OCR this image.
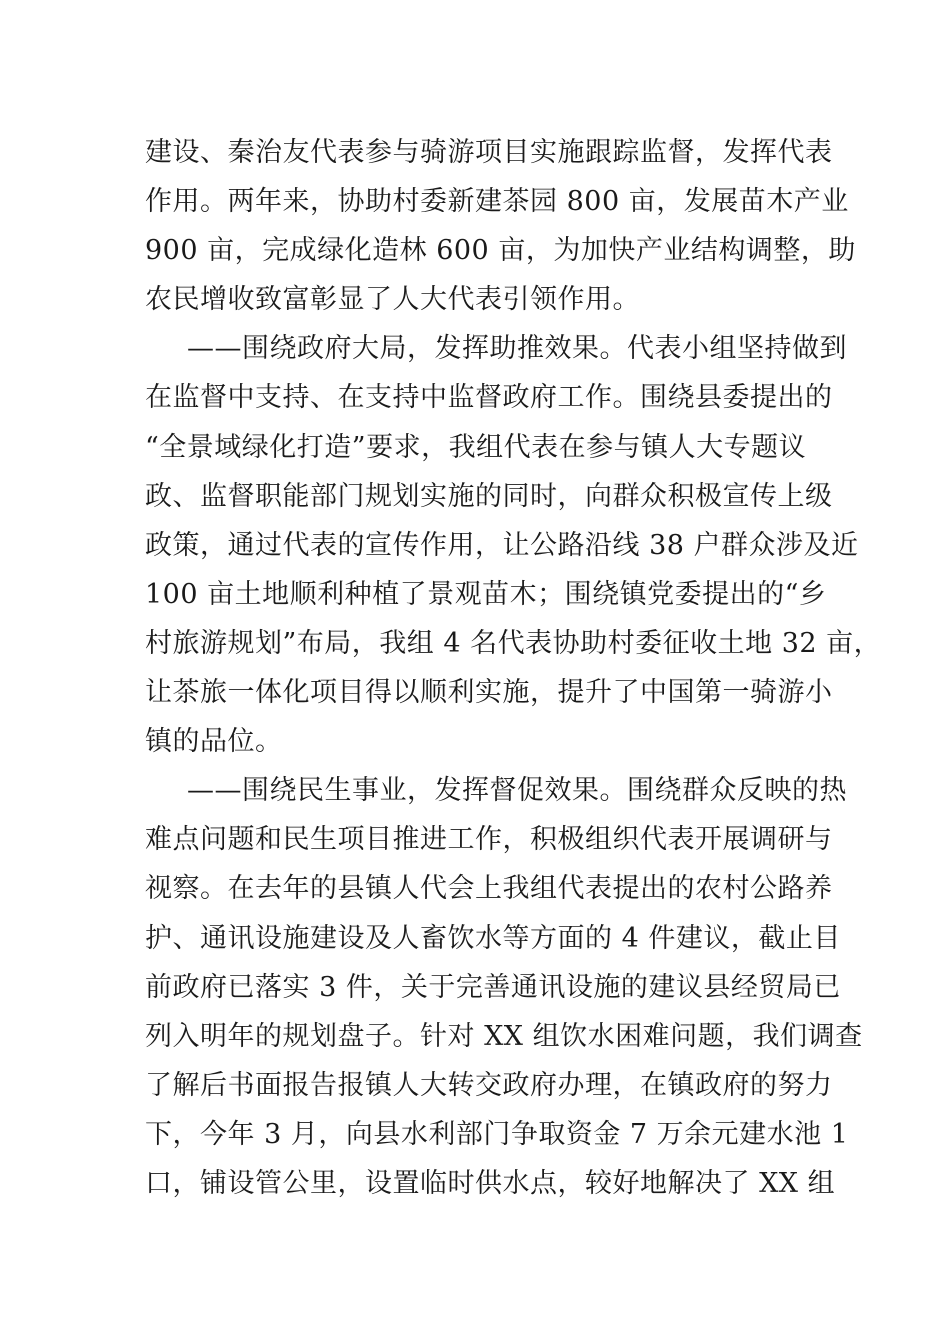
建设、秦治友代表参与骑游项目实施跟踪监督，发挥代表
作用。两年来，协助村委新建茶园 800 亩，发展苗木产业
900 亩，完成绿化造林 600 亩，为加快产业结构调整，助
农民增收致富彰显了人大代表引领作用。
——围绕政府大局，发挥助推效果。代表小组坚持做到
在监督中支持、在支持中监督政府工作。围绕县委提出的
“全景域绿化打造”要求，我组代表在参与镇人大专题议
政、监督职能部门规划实施的同时，向群众积极宣传上级
政策，通过代表的宣传作用，让公路沿线 38 户群众涉及近
100 亩土地顺利种植了景观苗木；围绕镇党委提出的“乡
村旅游规划”布局，我组 4 名代表协助村委征收土地 32 亩，
让茶旅一体化项目得以顺利实施，提升了中国第一骑游小
镇的品位。
——围绕民生事业，发挥督促效果。围绕群众反映的热
难点问题和民生项目推进工作，积极组织代表开展调研与
视察。在去年的县镇人代会上我组代表提出的农村公路养
护、通讯设施建设及人畜饮水等方面的 4 件建议，截止目
前政府已落实 3 件，关于完善通讯设施的建议县经贸局已
列入明年的规划盘子。针对 XX 组饮水困难问题，我们调查
了解后书面报告报镇人大转交政府办理，在镇政府的努力
下，今年 3 月，向县水利部门争取资金 7 万余元建水池 1
口，铺设管公里，设置临时供水点，较好地解决了 XX 组
